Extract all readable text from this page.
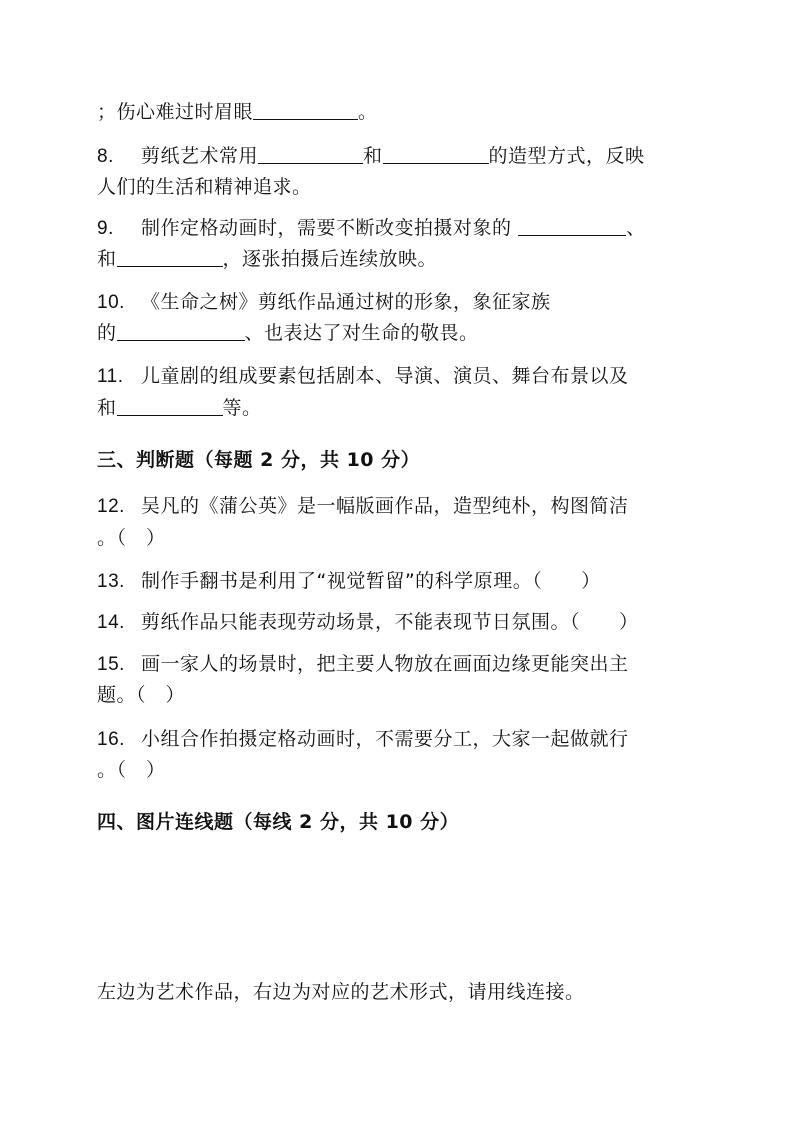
；伤心难过时眉眼	。
8. 剪纸艺术常用	和	的造型方式，反映
人们的生活和精神追求。
9. 制作定格动画时，需要不断改变拍摄对象的	、
和	，逐张拍摄后连续放映。
10. 《生命之树》剪纸作品通过树的形象，象征家族
的	、也表达了对生命的敬畏。
11. 儿童剧的组成要素包括剧本、导演、演员、舞台布景以及
和	等。
三、判断题（每题 2 分，共 10 分）
12. 吴凡的《蒲公英》是一幅版画作品，造型纯朴，构图简洁
。（　）
13. 制作手翻书是利用了“视觉暂留”的科学原理。（　　）
14. 剪纸作品只能表现劳动场景，不能表现节日氛围。（　　）
15. 画一家人的场景时，把主要人物放在画面边缘更能突出主
题。（　）
16. 小组合作拍摄定格动画时，不需要分工，大家一起做就行
。（　）
四、图片连线题（每线 2 分，共 10 分）
左边为艺术作品，右边为对应的艺术形式，请用线连接。
